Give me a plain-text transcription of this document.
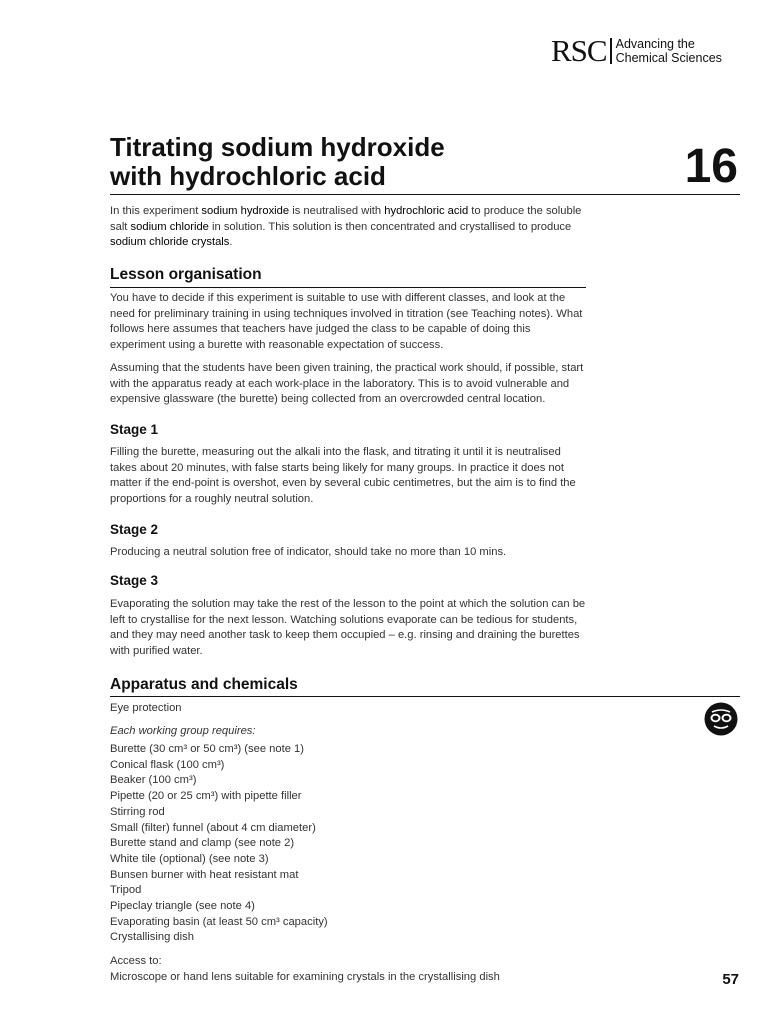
RSC Advancing the
Chemical Sciences
Titrating sodium hydroxide
with hydrochloric acid	16

In this experiment sodium hydroxide is neutralised with hydrochloric acid to produce the soluble salt sodium chloride in solution. This solution is then concentrated and crystallised to produce sodium chloride crystals.

Lesson organisation

You have to decide if this experiment is suitable to use with different classes, and look at the need for preliminary training in using techniques involved in titration (see Teaching notes). What follows here assumes that teachers have judged the class to be capable of doing this experiment using a burette with reasonable expectation of success.

Assuming that the students have been given training, the practical work should, if possible, start with the apparatus ready at each work-place in the laboratory. This is to avoid vulnerable and expensive glassware (the burette) being collected from an overcrowded central location.

Stage 1

Filling the burette, measuring out the alkali into the flask, and titrating it until it is neutralised takes about 20 minutes, with false starts being likely for many groups. In practice it does not matter if the end-point is overshot, even by several cubic centimetres, but the aim is to find the proportions for a roughly neutral solution.

Stage 2

Producing a neutral solution free of indicator, should take no more than 10 mins.

Stage 3

Evaporating the solution may take the rest of the lesson to the point at which the solution can be left to crystallise for the next lesson. Watching solutions evaporate can be tedious for students, and they may need another task to keep them occupied – e.g. rinsing and draining the burettes with purified water.

Apparatus and chemicals

Eye protection

Each working group requires:

Burette (30 cm³ or 50 cm³) (see note 1)
Conical flask (100 cm³)
Beaker (100 cm³)
Pipette (20 or 25 cm³) with pipette filler
Stirring rod
Small (filter) funnel (about 4 cm diameter)
Burette stand and clamp (see note 2)
White tile (optional) (see note 3)
Bunsen burner with heat resistant mat
Tripod
Pipeclay triangle (see note 4)
Evaporating basin (at least 50 cm³ capacity)
Crystallising dish

Access to:

Microscope or hand lens suitable for examining crystals in the crystallising dish	57
